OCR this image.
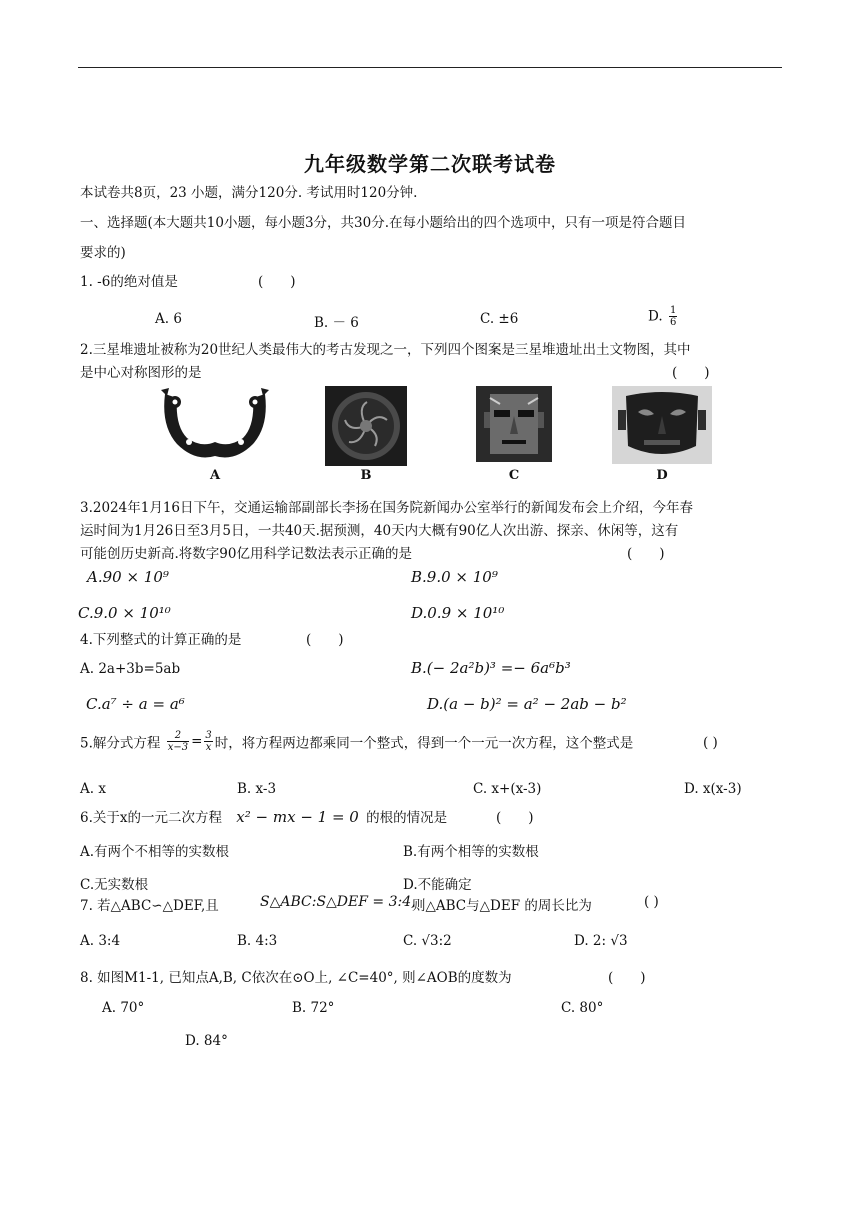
九年级数学第二次联考试卷
本试卷共8页，23 小题，满分120分. 考试用时120分钟.
一、选择题(本大题共10小题，每小题3分，共30分.在每小题给出的四个选项中，只有一项是符合题目
要求的)
1. -6的绝对值是	(　　)
A. 6	B. － 6	C. ±6	D. $\frac{1}{6}$
2.三星堆遗址被称为20世纪人类最伟大的考古发现之一，下列四个图案是三星堆遗址出土文物图，其中
是中心对称图形的是	(　　)
A	B	C	D
3.2024年1月16日下午，交通运输部副部长李扬在国务院新闻办公室举行的新闻发布会上介绍，今年春
运时间为1月26日至3月5日，一共40天.据预测，40天内大概有90亿人次出游、探亲、休闲等，这有
可能创历史新高.将数字90亿用科学记数法表示正确的是	(　　)
A.90 × 10⁹	B.9.0 × 10⁹
C.9.0 × 10¹⁰	D.0.9 × 10¹⁰
4.下列整式的计算正确的是	(　　)
A. 2a+3b=5ab	B.(− 2a²b)³ =− 6a⁶b³
C.a⁷ ÷ a = a⁶	D.(a − b)² = a² − 2ab − b²
5.解分式方程 $\frac{2}{x-3} = \frac{3}{x}$ 时，将方程两边都乘同一个整式，得到一个一元一次方程，这个整式是	( )
A. x	B. x-3	C. x+(x-3)	D. x(x-3)
6.关于x的一元二次方程 x² − mx − 1 = 0 的根的情况是	(　　)
A.有两个不相等的实数根	B.有两个相等的实数根
C.无实数根	D.不能确定
7. 若△ABC∽△DEF,且	S△ABC:S△DEF = 3:4,
则△ABC与△DEF 的周长比为	( )
A. 3:4	B. 4:3	C. √3:2	D. 2: √3
8. 如图M1-1, 已知点A,B, C依次在⊙O上, ∠C=40°, 则∠AOB的度数为	(　　)
A. 70°	B. 72°	C. 80°
D. 84°
